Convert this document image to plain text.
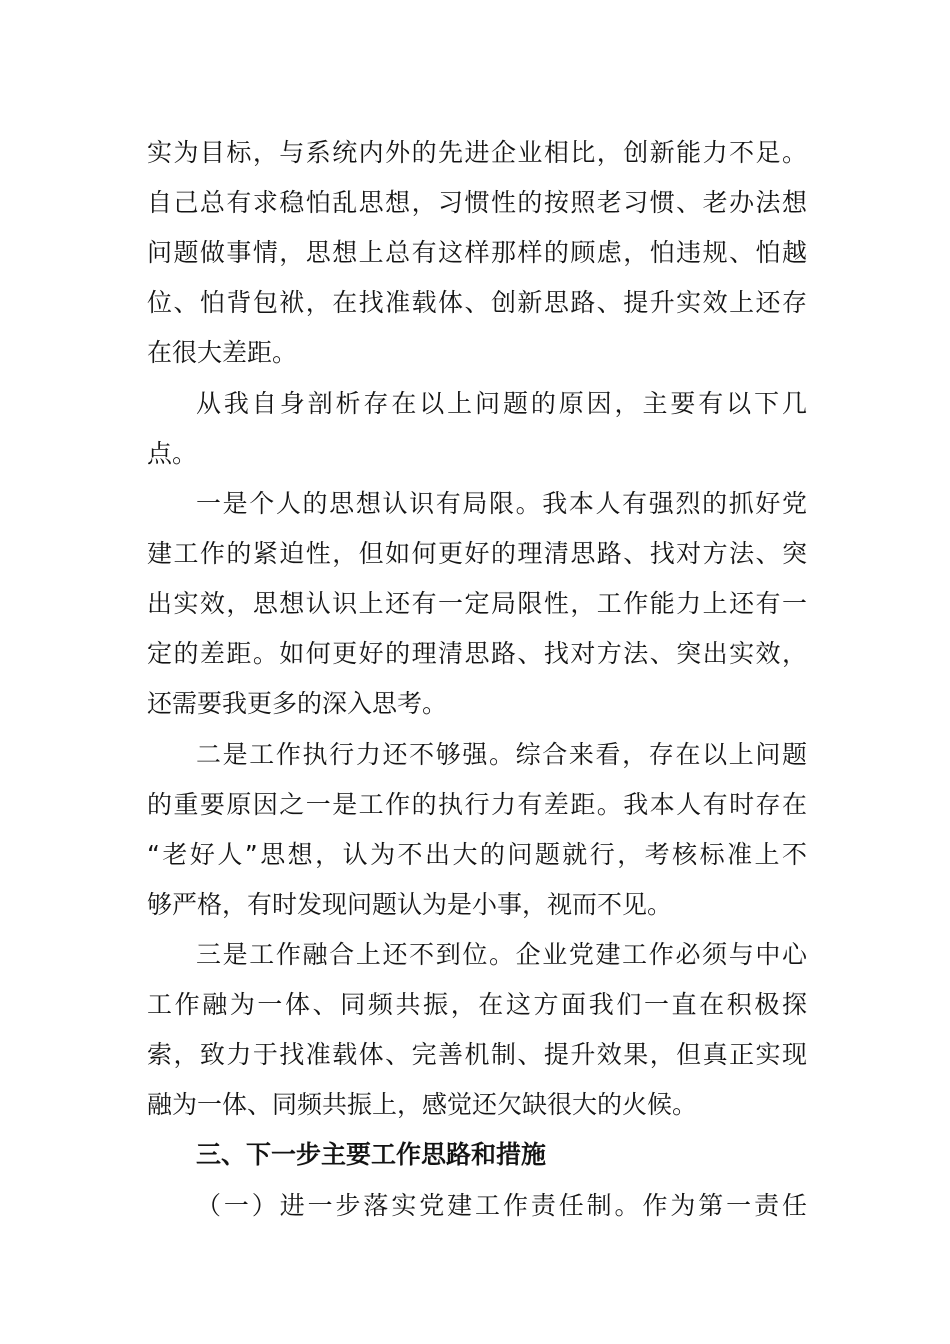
实为目标，与系统内外的先进企业相比，创新能力不足。
自己总有求稳怕乱思想，习惯性的按照老习惯、老办法想
问题做事情，思想上总有这样那样的顾虑，怕违规、怕越
位、怕背包袱，在找准载体、创新思路、提升实效上还存
在很大差距。
从我自身剖析存在以上问题的原因，主要有以下几
点。
一是个人的思想认识有局限。我本人有强烈的抓好党
建工作的紧迫性，但如何更好的理清思路、找对方法、突
出实效，思想认识上还有一定局限性，工作能力上还有一
定的差距。如何更好的理清思路、找对方法、突出实效，
还需要我更多的深入思考。
二是工作执行力还不够强。综合来看，存在以上问题
的重要原因之一是工作的执行力有差距。我本人有时存在
“老好人”思想，认为不出大的问题就行，考核标准上不
够严格，有时发现问题认为是小事，视而不见。
三是工作融合上还不到位。企业党建工作必须与中心
工作融为一体、同频共振，在这方面我们一直在积极探
索，致力于找准载体、完善机制、提升效果，但真正实现
融为一体、同频共振上，感觉还欠缺很大的火候。
三、下一步主要工作思路和措施
（一）进一步落实党建工作责任制。作为第一责任
